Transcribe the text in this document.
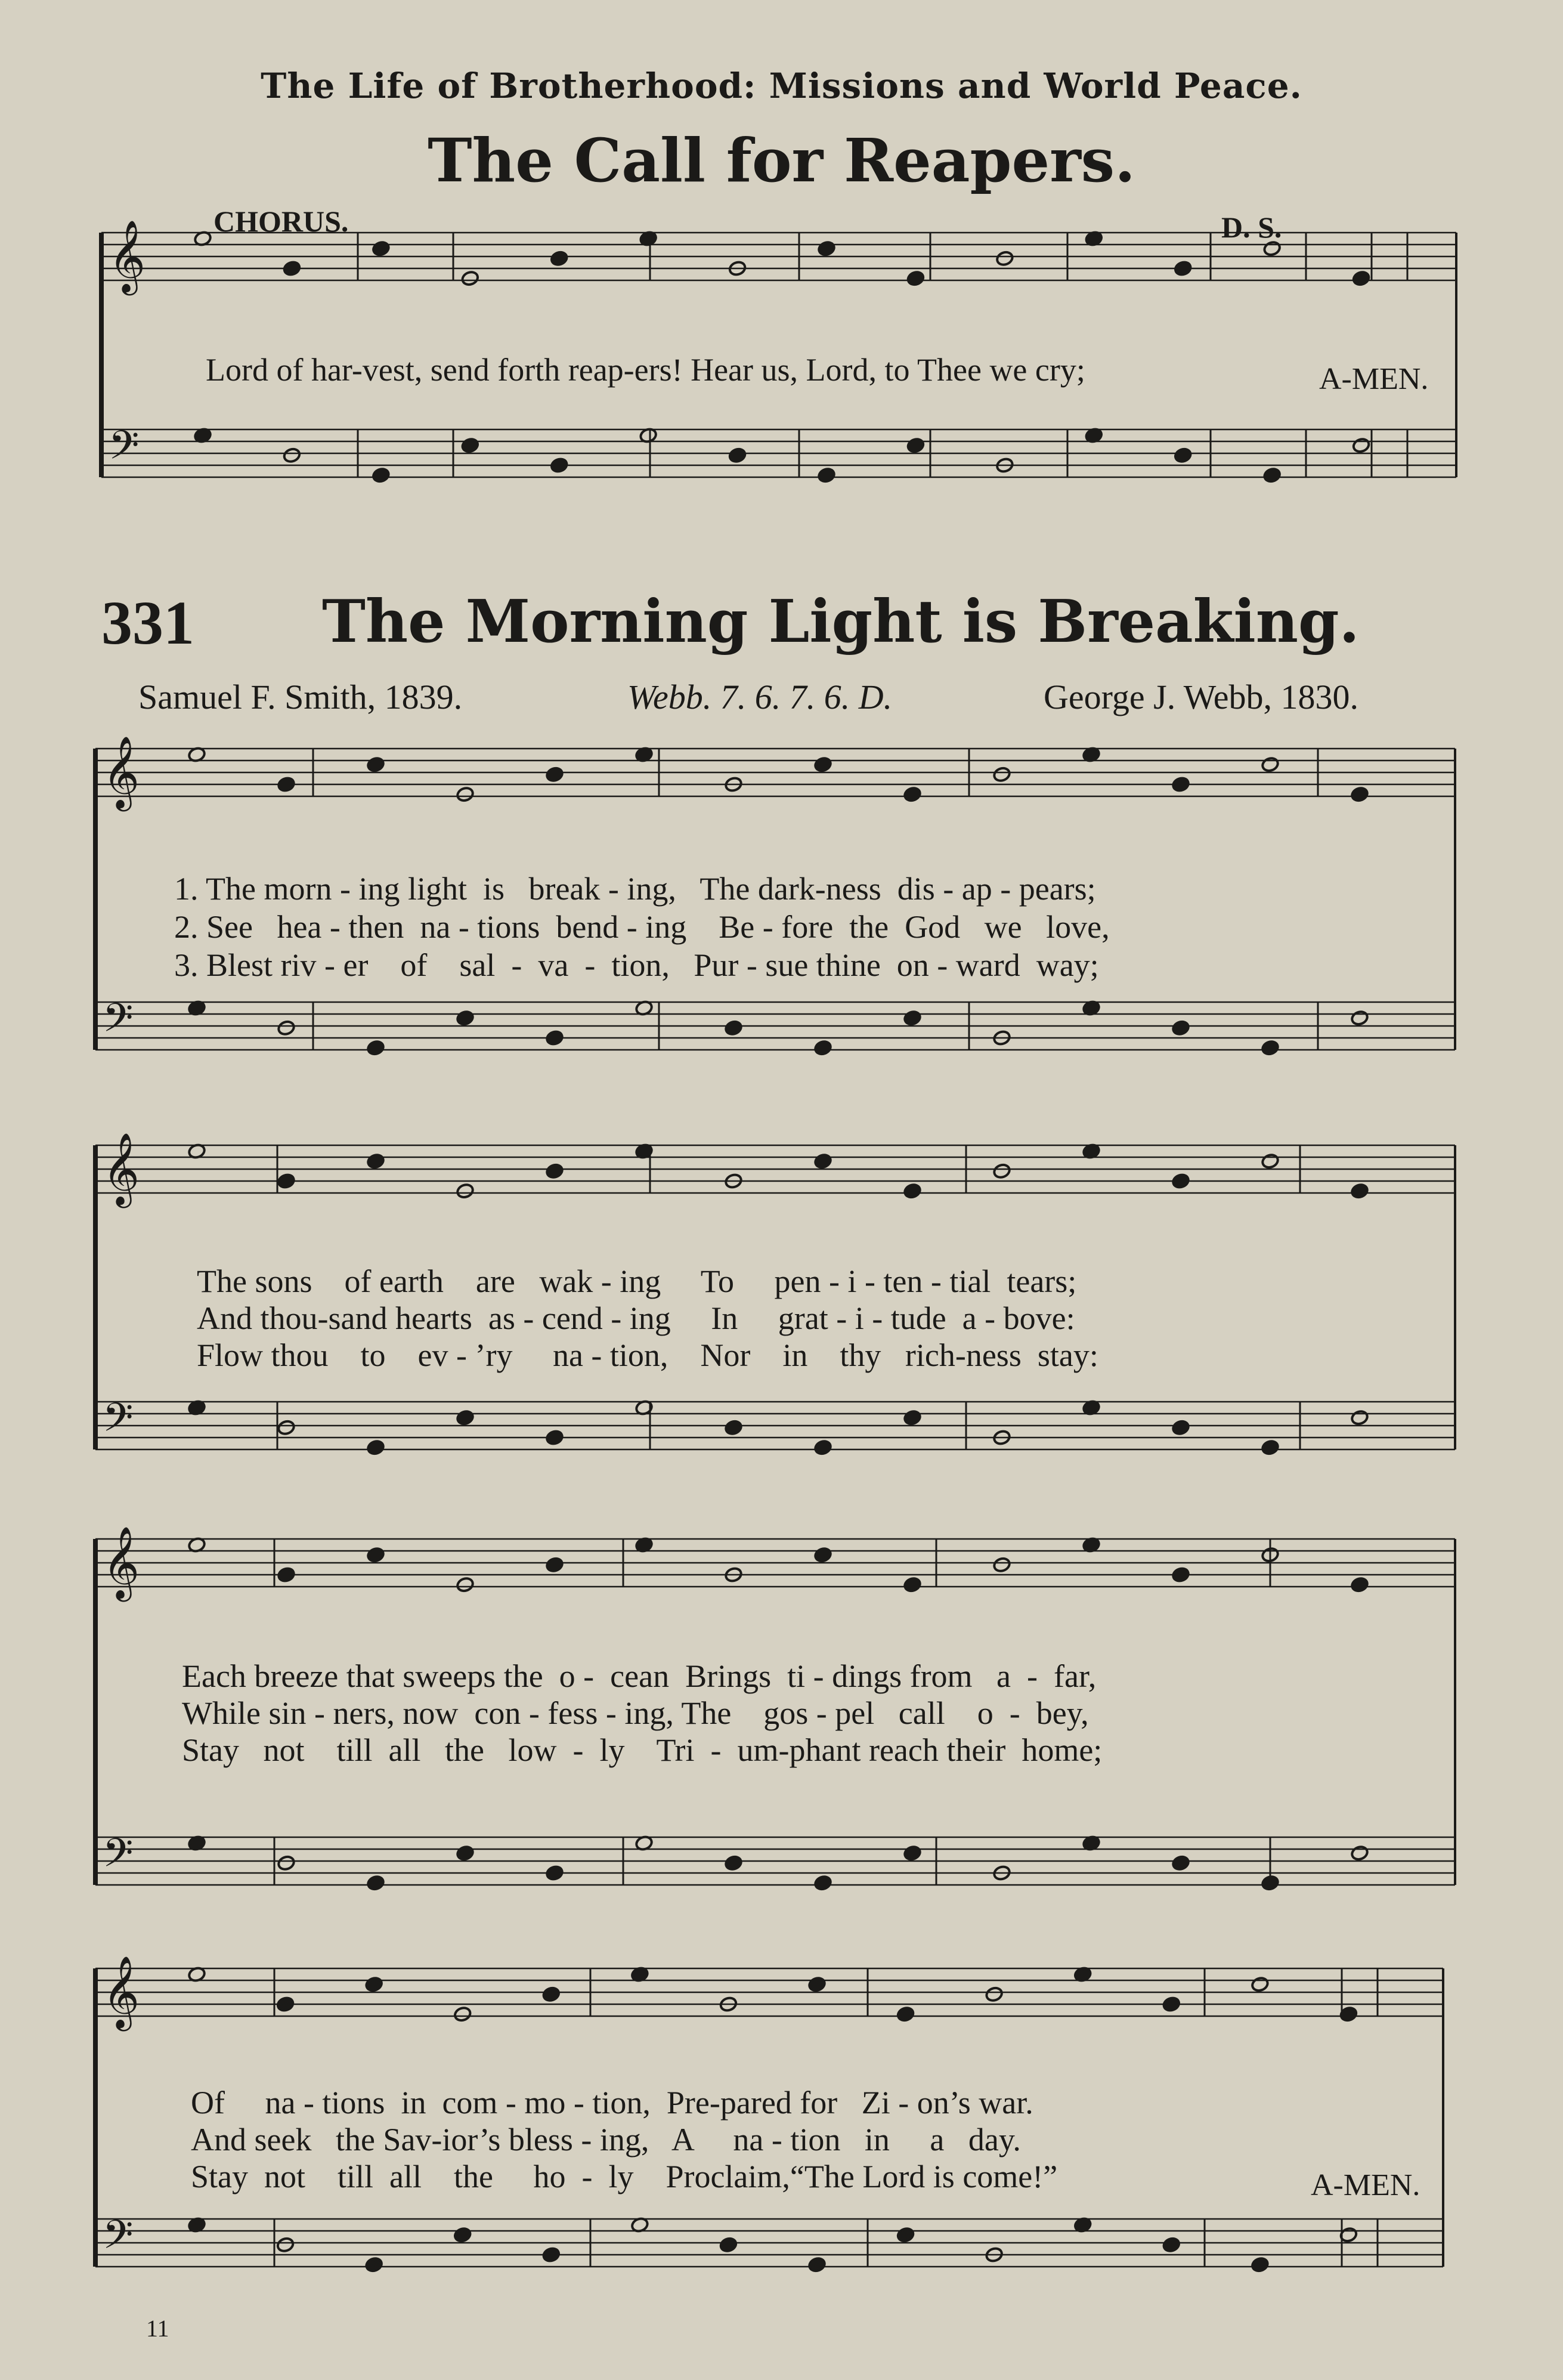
𝄞
𝄢
𝄞
𝄢
𝄞
𝄢
𝄞
𝄢
𝄞
𝄢
The Life of Brotherhood: Missions and World Peace.
The Call for Reapers.
CHORUS.	D. S.
Lord of har-vest, send forth reap-ers! Hear us, Lord, to Thee we cry;	A-MEN.
331 The Morning Light is Breaking.
Samuel F. Smith, 1839.	Webb. 7. 6. 7. 6. D.	George J. Webb, 1830.
1. The morn - ing light  is   break - ing,   The dark-ness  dis - ap - pears;
2. See   hea - then  na - tions  bend - ing    Be - fore  the  God   we   love,
3. Blest riv - er    of    sal  -  va  -  tion,   Pur - sue thine  on - ward  way;
The sons    of earth    are   wak - ing     To     pen - i - ten - tial  tears;
And thou-sand hearts  as - cend - ing     In     grat - i - tude  a - bove:
Flow thou    to    ev - ’ry     na - tion,    Nor    in    thy   rich-ness  stay:
Each breeze that sweeps the  o -  cean  Brings  ti - dings from   a  -  far,
While sin - ners, now  con - fess - ing, The    gos - pel   call    o  -  bey,
Stay   not    till  all   the   low  -  ly    Tri  -  um-phant reach their  home;
Of     na - tions  in  com - mo - tion,  Pre-pared for   Zi - on’s war.
And seek   the Sav-ior’s bless - ing,   A     na - tion   in     a   day.
Stay  not    till  all    the     ho  -  ly    Proclaim,“The Lord is come!”	A-MEN.
11
